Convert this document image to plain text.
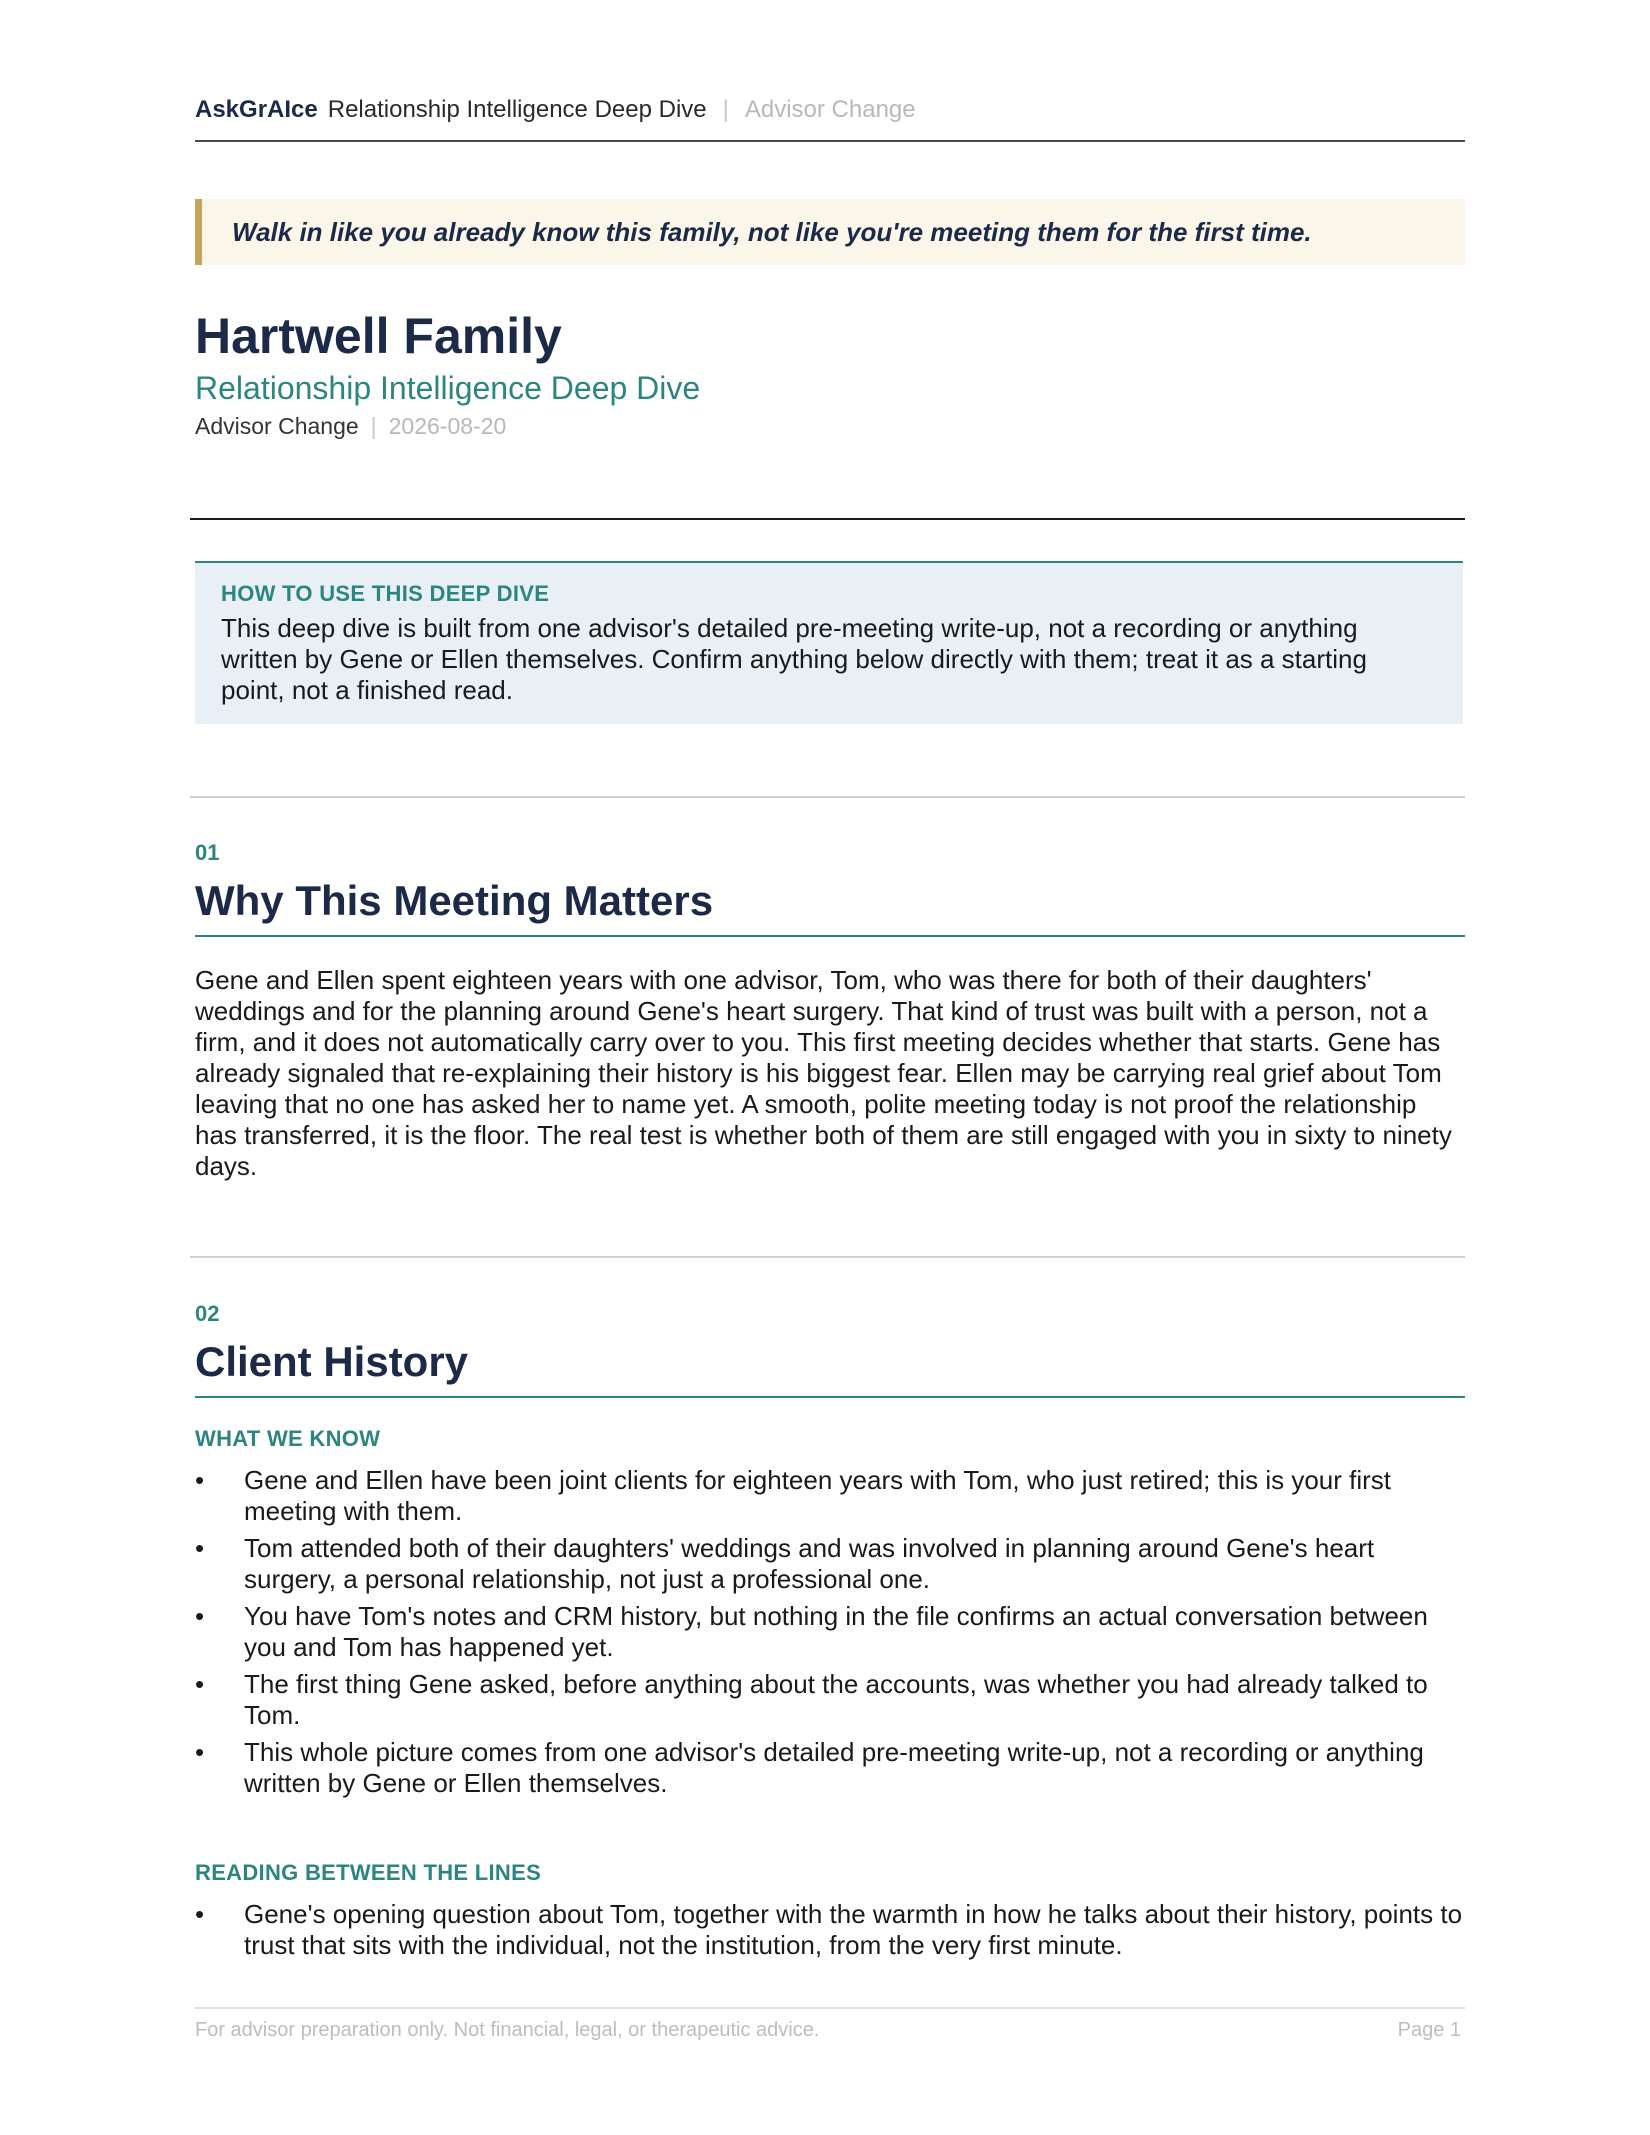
AskGrAIce Relationship Intelligence Deep Dive | Advisor Change
Walk in like you already know this family, not like you're meeting them for the first time.
Hartwell Family
Relationship Intelligence Deep Dive
Advisor Change | 2026-08-20
HOW TO USE THIS DEEP DIVE
This deep dive is built from one advisor's detailed pre-meeting write-up, not a recording or anything written by Gene or Ellen themselves. Confirm anything below directly with them; treat it as a starting point, not a finished read.
01
Why This Meeting Matters

Gene and Ellen spent eighteen years with one advisor, Tom, who was there for both of their daughters' weddings and for the planning around Gene's heart surgery. That kind of trust was built with a person, not a firm, and it does not automatically carry over to you. This first meeting decides whether that starts. Gene has already signaled that re-explaining their history is his biggest fear. Ellen may be carrying real grief about Tom leaving that no one has asked her to name yet. A smooth, polite meeting today is not proof the relationship has transferred, it is the floor. The real test is whether both of them are still engaged with you in sixty to ninety days.

02
Client History
WHAT WE KNOW
• Gene and Ellen have been joint clients for eighteen years with Tom, who just retired; this is your first meeting with them.
• Tom attended both of their daughters' weddings and was involved in planning around Gene's heart surgery, a personal relationship, not just a professional one.
• You have Tom's notes and CRM history, but nothing in the file confirms an actual conversation between you and Tom has happened yet.
• The first thing Gene asked, before anything about the accounts, was whether you had already talked to Tom.
• This whole picture comes from one advisor's detailed pre-meeting write-up, not a recording or anything written by Gene or Ellen themselves.
READING BETWEEN THE LINES
• Gene's opening question about Tom, together with the warmth in how he talks about their history, points to trust that sits with the individual, not the institution, from the very first minute.
For advisor preparation only. Not financial, legal, or therapeutic advice.	Page 1
